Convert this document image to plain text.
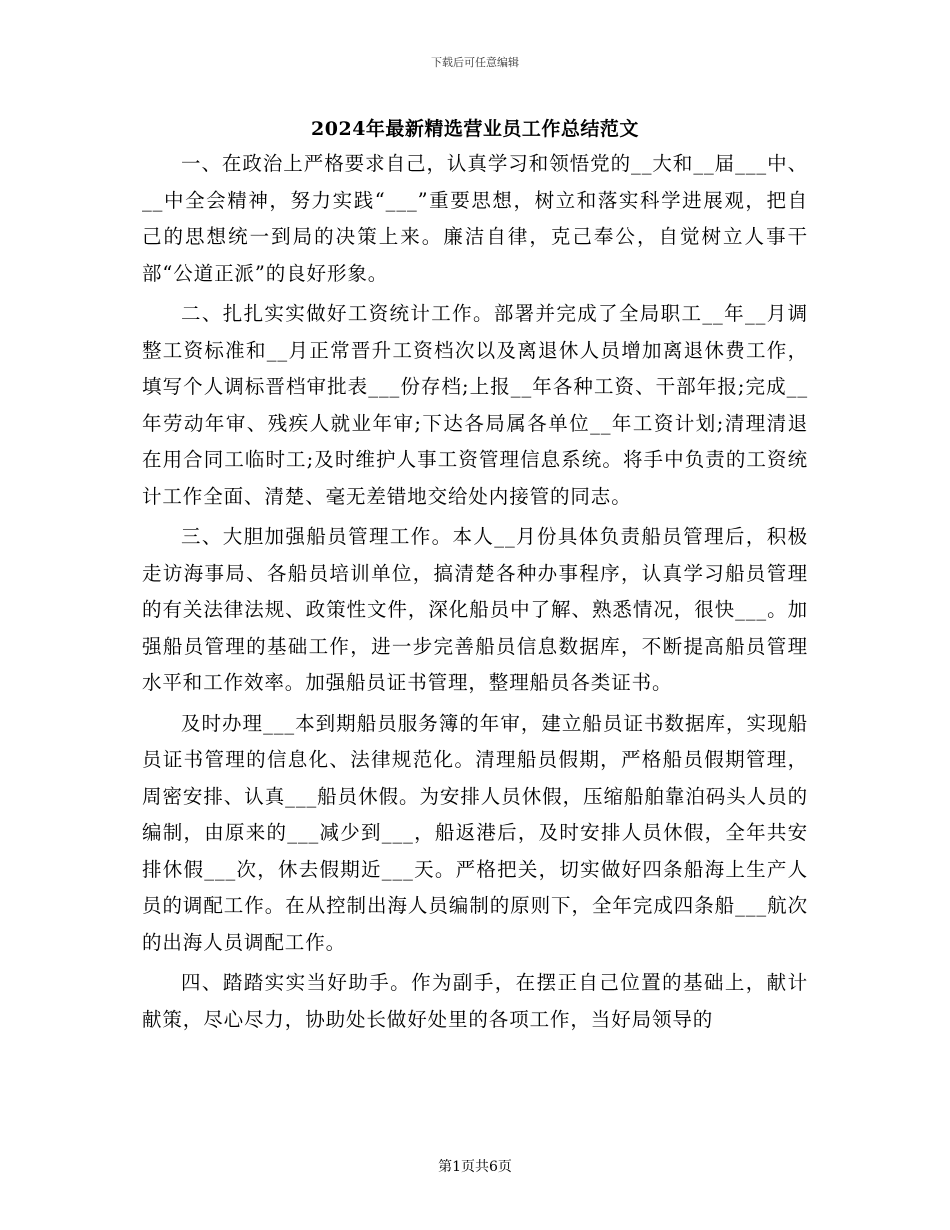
下载后可任意编辑
2024年最新精选营业员工作总结范文

一、在政治上严格要求自己，认真学习和领悟党的__大和__届___中、__中全会精神，努力实践“___”重要思想，树立和落实科学进展观，把自己的思想统一到局的决策上来。廉洁自律，克己奉公，自觉树立人事干部“公道正派”的良好形象。

二、扎扎实实做好工资统计工作。部署并完成了全局职工__年__月调整工资标准和__月正常晋升工资档次以及离退休人员增加离退休费工作，填写个人调标晋档审批表___份存档;上报__年各种工资、干部年报;完成__年劳动年审、残疾人就业年审;下达各局属各单位__年工资计划;清理清退在用合同工临时工;及时维护人事工资管理信息系统。将手中负责的工资统计工作全面、清楚、毫无差错地交给处内接管的同志。

三、大胆加强船员管理工作。本人__月份具体负责船员管理后，积极走访海事局、各船员培训单位，搞清楚各种办事程序，认真学习船员管理的有关法律法规、政策性文件，深化船员中了解、熟悉情况，很快___。加强船员管理的基础工作，进一步完善船员信息数据库，不断提高船员管理水平和工作效率。加强船员证书管理，整理船员各类证书。

及时办理___本到期船员服务簿的年审，建立船员证书数据库，实现船员证书管理的信息化、法律规范化。清理船员假期，严格船员假期管理，周密安排、认真___船员休假。为安排人员休假，压缩船舶靠泊码头人员的编制，由原来的___减少到___，船返港后，及时安排人员休假，全年共安排休假___次，休去假期近___天。严格把关，切实做好四条船海上生产人员的调配工作。在从控制出海人员编制的原则下，全年完成四条船___航次的出海人员调配工作。

四、踏踏实实当好助手。作为副手，在摆正自己位置的基础上，献计献策，尽心尽力，协助处长做好处里的各项工作，当好局领导的

第1页共6页
